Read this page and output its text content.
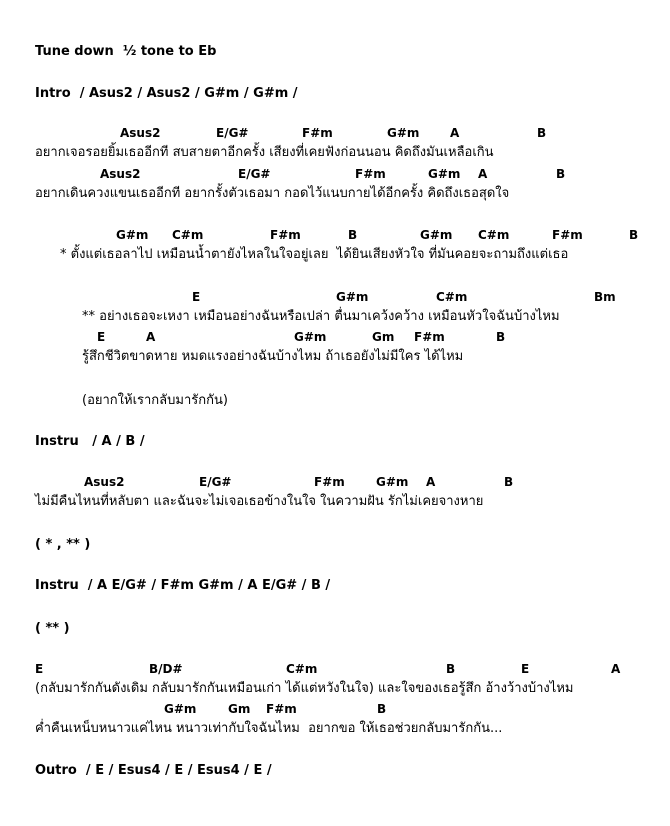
Tune down  ½ tone to Eb
Intro  / Asus2 / Asus2 / G#m / G#m /
Asus2	E/G#	F#m	G#m	A	B
อยากเจอรอยยิ้มเธออีกที สบสายตาอีกครั้ง เสียงที่เคยฟังก่อนนอน คิดถึงมันเหลือเกิน
Asus2	E/G#	F#m	G#m A	B
อยากเดินควงแขนเธออีกที อยากรั้งตัวเธอมา กอดไว้แนบกายได้อีกครั้ง คิดถึงเธอสุดใจ
G#m C#m	F#m	B	G#m C#m	F#m	B
* ตั้งแต่เธอลาไป เหมือนน้ำตายังไหลในใจอยู่เลย  ได้ยินเสียงหัวใจ ที่มันคอยจะถามถึงแต่เธอ
E	G#m	C#m	Bm
** อย่างเธอจะเหงา เหมือนอย่างฉันหรือเปล่า ตื่นมาเคว้งคว้าง เหมือนหัวใจฉันบ้างไหม
E	A	G#m	Gm F#m	B
รู้สึกชีวิตขาดหาย หมดแรงอย่างฉันบ้างไหม ถ้าเธอยังไม่มีใคร ได้ไหม
(อยากให้เรากลับมารักกัน)
Instru   / A / B /
Asus2	E/G#	F#m	G#m A	B
ไม่มีคืนไหนที่หลับตา และฉันจะไม่เจอเธอข้างในใจ ในความฝัน รักไม่เคยจางหาย
( * , ** )
Instru  / A E/G# / F#m G#m / A E/G# / B /
( ** )
E	B/D#	C#m	B	E	A
(กลับมารักกันดังเดิม กลับมารักกันเหมือนเก่า ได้แต่หวังในใจ) และใจของเธอรู้สึก อ้างว้างบ้างไหม
G#m	Gm F#m	B
ค่ำคืนเหน็บหนาวแค่ไหน หนาวเท่ากับใจฉันไหม  อยากขอ ให้เธอช่วยกลับมารักกัน...
Outro  / E / Esus4 / E / Esus4 / E /
